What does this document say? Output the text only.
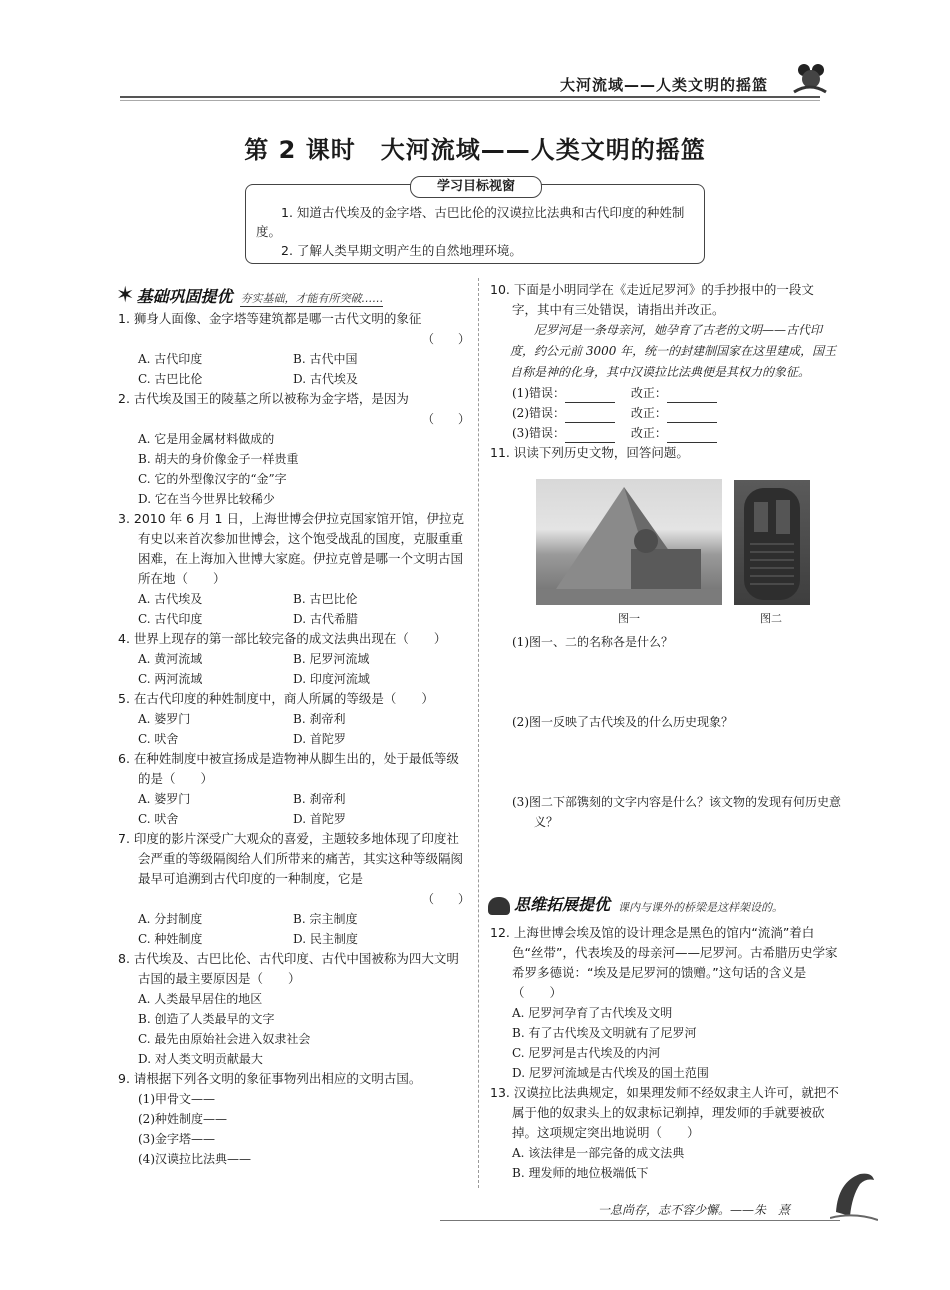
大河流域——人类文明的摇篮
第 2 课时　大河流域——人类文明的摇篮
1. 知道古代埃及的金字塔、古巴比伦的汉谟拉比法典和古代印度的种姓制度。
2. 了解人类早期文明产生的自然地理环境。
学习目标视窗
✶ 基础巩固提优 夯实基础，才能有所突破……
1. 狮身人面像、金字塔等建筑都是哪一古代文明的象征
（　　）
A. 古代印度	B. 古代中国
C. 古巴比伦	D. 古代埃及
2. 古代埃及国王的陵墓之所以被称为金字塔，是因为
（　　）
A. 它是用金属材料做成的
B. 胡夫的身价像金子一样贵重
C. 它的外型像汉字的“金”字
D. 它在当今世界比较稀少
3. 2010 年 6 月 1 日，上海世博会伊拉克国家馆开馆，伊拉克有史以来首次参加世博会，这个饱受战乱的国度，克服重重困难，在上海加入世博大家庭。伊拉克曾是哪一个文明古国所在地（　　）
A. 古代埃及	B. 古巴比伦
C. 古代印度	D. 古代希腊
4. 世界上现存的第一部比较完备的成文法典出现在（　　）
A. 黄河流域	B. 尼罗河流域
C. 两河流域	D. 印度河流域
5. 在古代印度的种姓制度中，商人所属的等级是（　　）
A. 婆罗门	B. 刹帝利
C. 吠舍	D. 首陀罗
6. 在种姓制度中被宣扬成是造物神从脚生出的，处于最低等级的是（　　）
A. 婆罗门	B. 刹帝利
C. 吠舍	D. 首陀罗
7. 印度的影片深受广大观众的喜爱，主题较多地体现了印度社会严重的等级隔阂给人们所带来的痛苦，其实这种等级隔阂最早可追溯到古代印度的一种制度，它是
（　　）
A. 分封制度	B. 宗主制度
C. 种姓制度	D. 民主制度
8. 古代埃及、古巴比伦、古代印度、古代中国被称为四大文明古国的最主要原因是（　　）
A. 人类最早居住的地区
B. 创造了人类最早的文字
C. 最先由原始社会进入奴隶社会
D. 对人类文明贡献最大
9. 请根据下列各文明的象征事物列出相应的文明古国。
(1)甲骨文——
(2)种姓制度——
(3)金字塔——
(4)汉谟拉比法典——
10. 下面是小明同学在《走近尼罗河》的手抄报中的一段文字，其中有三处错误，请指出并改正。
尼罗河是一条母亲河，她孕育了古老的文明——古代印度，约公元前 3000 年，统一的封建制国家在这里建成，国王自称是神的化身，其中汉谟拉比法典便是其权力的象征。
(1)错误：	改正：
(2)错误：	改正：
(3)错误：	改正：
11. 识读下列历史文物，回答问题。
图一	图二
(1)图一、二的名称各是什么？
(2)图一反映了古代埃及的什么历史现象？
(3)图二下部镌刻的文字内容是什么？该文物的发现有何历史意义？
思维拓展提优 课内与课外的桥梁是这样架设的。
12. 上海世博会埃及馆的设计理念是黑色的馆内“流淌”着白色“丝带”，代表埃及的母亲河——尼罗河。古希腊历史学家希罗多德说：“埃及是尼罗河的馈赠。”这句话的含义是（　　）
A. 尼罗河孕育了古代埃及文明
B. 有了古代埃及文明就有了尼罗河
C. 尼罗河是古代埃及的内河
D. 尼罗河流域是古代埃及的国土范围
13. 汉谟拉比法典规定，如果理发师不经奴隶主人许可，就把不属于他的奴隶头上的奴隶标记剃掉，理发师的手就要被砍掉。这项规定突出地说明（　　）
A. 该法律是一部完备的成文法典
B. 理发师的地位极端低下
一息尚存，志不容少懈。——朱　熹
